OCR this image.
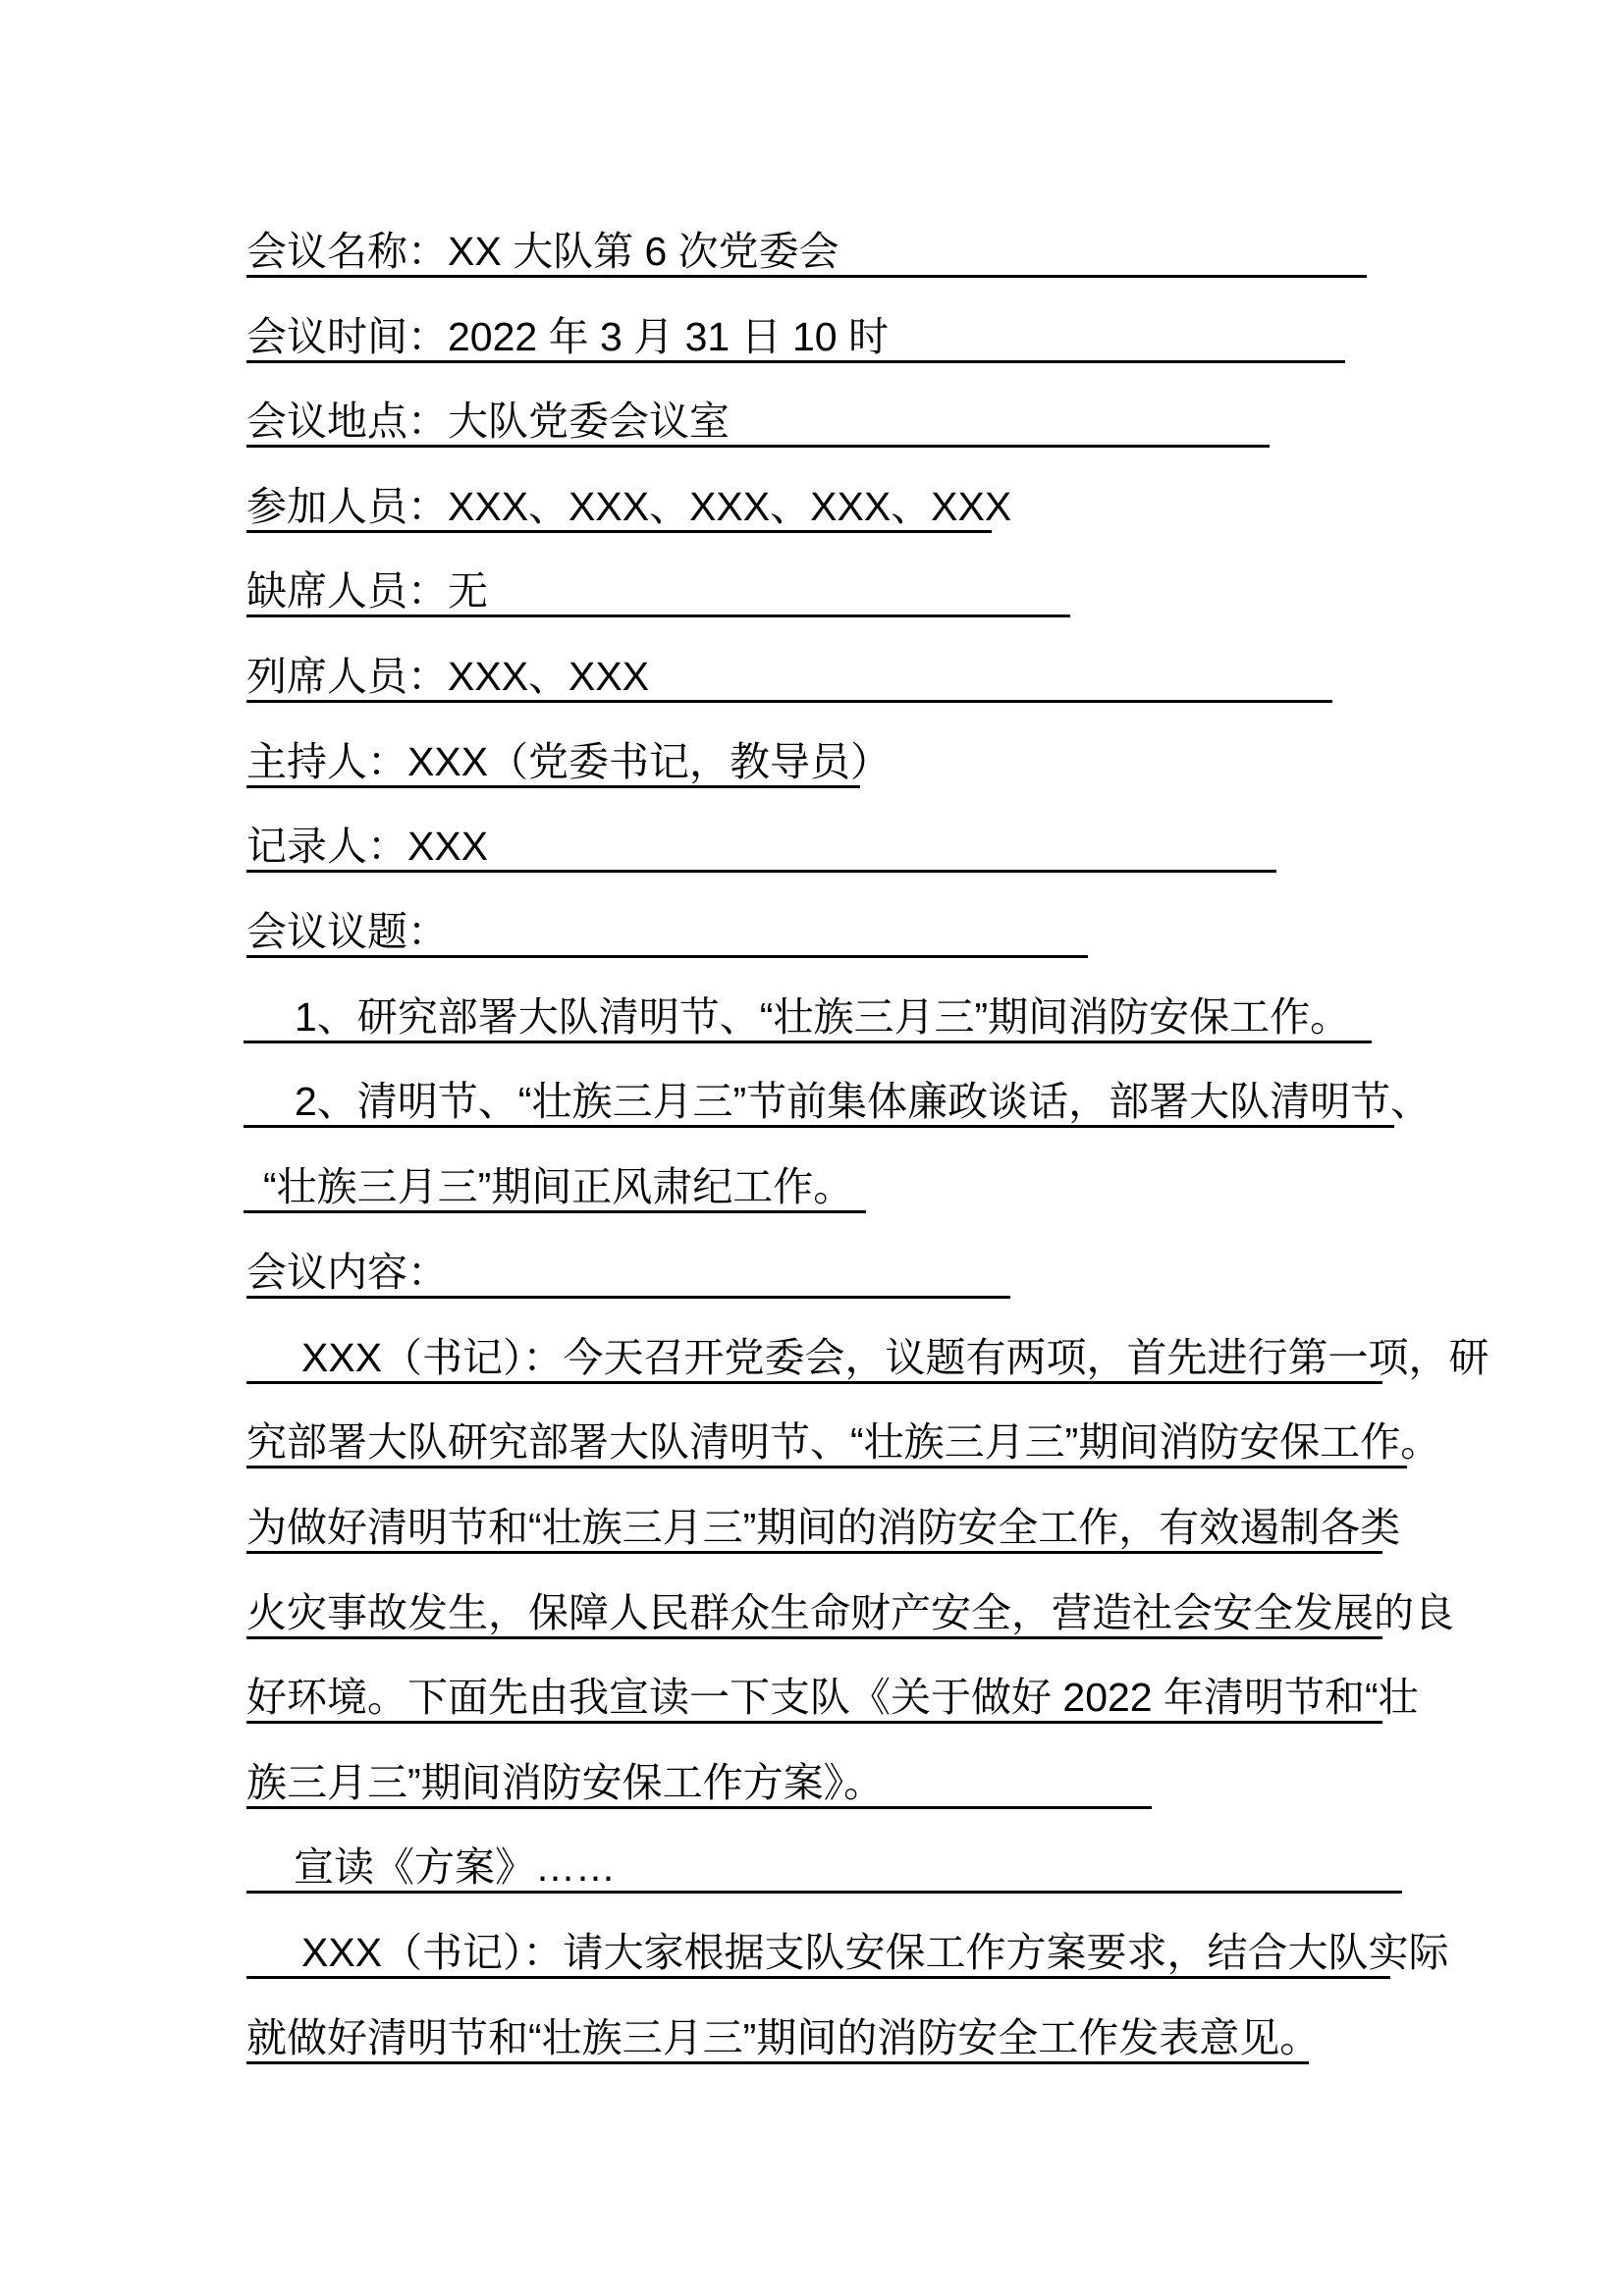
会议名称：XX 大队第 6 次党委会
会议时间：2022 年 3 月 31 日 10 时
会议地点：大队党委会议室
参加人员：XXX、XXX、XXX、XXX、XXX
缺席人员：无
列席人员：XXX、XXX
主持人：XXX（党委书记，教导员）
记录人：XXX
会议议题：
1、研究部署大队清明节、“壮族三月三”期间消防安保工作。
2、清明节、“壮族三月三”节前集体廉政谈话，部署大队清明节、
“壮族三月三”期间正风肃纪工作。
会议内容：
XXX（书记）：今天召开党委会，议题有两项，首先进行第一项，研
究部署大队研究部署大队清明节、“壮族三月三”期间消防安保工作。
为做好清明节和“壮族三月三”期间的消防安全工作，有效遏制各类
火灾事故发生，保障人民群众生命财产安全，营造社会安全发展的良
好环境。下面先由我宣读一下支队《关于做好 2022 年清明节和“壮
族三月三”期间消防安保工作方案》。
宣读《方案》……
XXX（书记）：请大家根据支队安保工作方案要求，结合大队实际
就做好清明节和“壮族三月三”期间的消防安全工作发表意见。
